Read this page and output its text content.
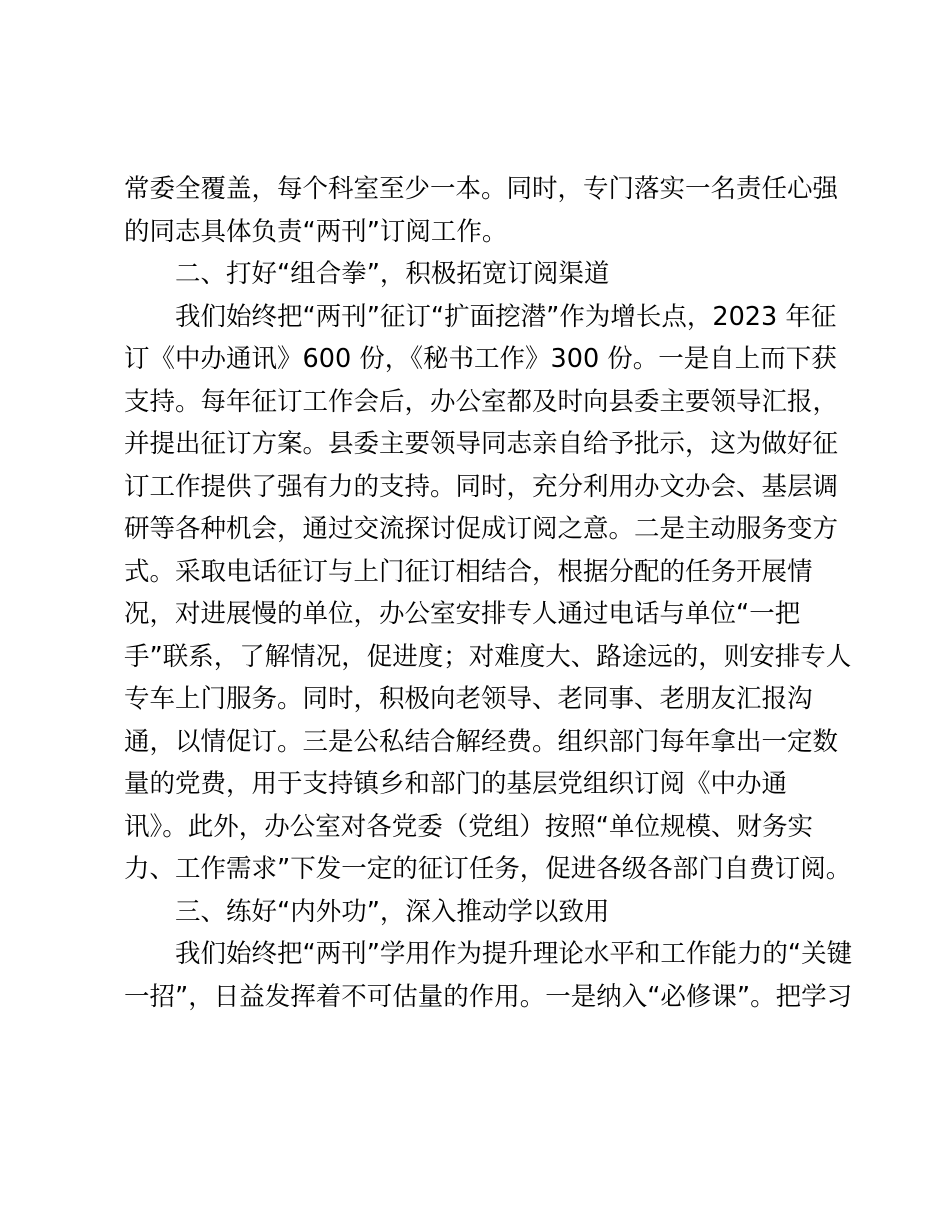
常委全覆盖，每个科室至少一本。同时，专门落实一名责任心强
的同志具体负责“两刊”订阅工作。
二、打好“组合拳”，积极拓宽订阅渠道
我们始终把“两刊”征订“扩面挖潜”作为增长点，2023 年征
订《中办通讯》600 份，《秘书工作》300 份。一是自上而下获
支持。每年征订工作会后，办公室都及时向县委主要领导汇报，
并提出征订方案。县委主要领导同志亲自给予批示，这为做好征
订工作提供了强有力的支持。同时，充分利用办文办会、基层调
研等各种机会，通过交流探讨促成订阅之意。二是主动服务变方
式。采取电话征订与上门征订相结合，根据分配的任务开展情
况，对进展慢的单位，办公室安排专人通过电话与单位“一把
手”联系，了解情况，促进度；对难度大、路途远的，则安排专人
专车上门服务。同时，积极向老领导、老同事、老朋友汇报沟
通，以情促订。三是公私结合解经费。组织部门每年拿出一定数
量的党费，用于支持镇乡和部门的基层党组织订阅《中办通
讯》。此外，办公室对各党委（党组）按照“单位规模、财务实
力、工作需求”下发一定的征订任务，促进各级各部门自费订阅。
三、练好“内外功”，深入推动学以致用
我们始终把“两刊”学用作为提升理论水平和工作能力的“关键
一招”，日益发挥着不可估量的作用。一是纳入“必修课”。把学习
